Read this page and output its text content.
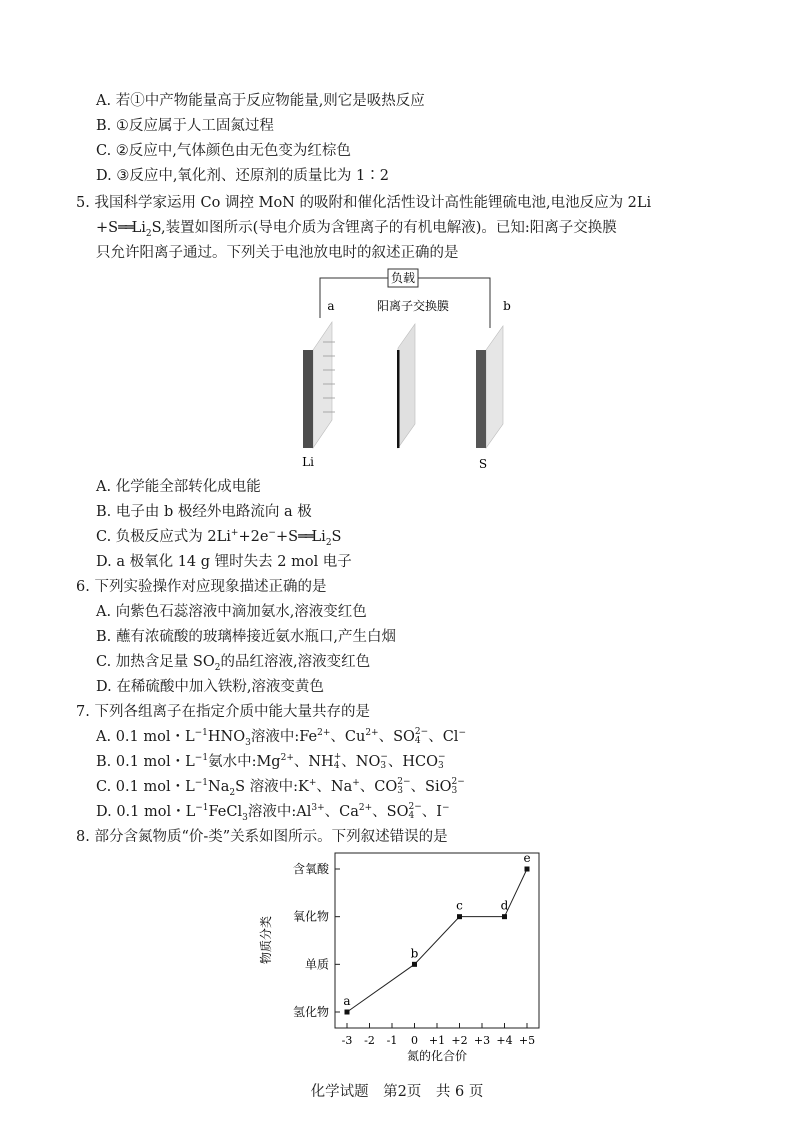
A. 若①中产物能量高于反应物能量,则它是吸热反应
B. ①反应属于人工固氮过程
C. ②反应中,气体颜色由无色变为红棕色
D. ③反应中,氧化剂、还原剂的质量比为 1∶2
5. 我国科学家运用 Co 调控 MoN 的吸附和催化活性设计高性能锂硫电池,电池反应为 2Li
$+S══Li_2S$,装置如图所示(导电介质为含锂离子的有机电解液)。已知:阳离子交换膜
只允许阳离子通过。下列关于电池放电时的叙述正确的是
负载
a	阳离子交换膜	b
Li	S
A. 化学能全部转化成电能
B. 电子由 b 极经外电路流向 a 极
C. 负极反应式为 $2Li^++2e^-+S══Li_2S$
D. a 极氧化 14 g 锂时失去 2 mol 电子
6. 下列实验操作对应现象描述正确的是
A. 向紫色石蕊溶液中滴加氨水,溶液变红色
B. 蘸有浓硫酸的玻璃棒接近氨水瓶口,产生白烟
C. 加热含足量 $SO_2$的品红溶液,溶液变红色
D. 在稀硫酸中加入铁粉,溶液变黄色
7. 下列各组离子在指定介质中能大量共存的是
A. 0.1 mol・$L^{-1}HNO_3$溶液中$:Fe^{2+}$、$Cu^{2+}$、SO 2−
4 、Cl−
B. 0.1 mol・$L^{-1}$氨水中$:Mg^{2+}$、NH +
4 、NO −
3 、HCO −
3
C. 0.1 mol・$L^{-1}Na_2S$ 溶液中:K+、Na+、CO 2−
3 、SiO 2−
3
D. 0.1 mol・$L^{-1}FeCl_3$溶液中$:Al^{3+}$、$Ca^{2+}$、SO 2−
4 、I−
8. 部分含氮物质“价-类”关系如图所示。下列叙述错误的是
氢化物
单质
氧化物
含氧酸
-3 -2 -1 0 +1 +2 +3 +4 +5
a
b
c	d
e
物质分类
氮的化合价
化学试题　第2页　共 6 页
